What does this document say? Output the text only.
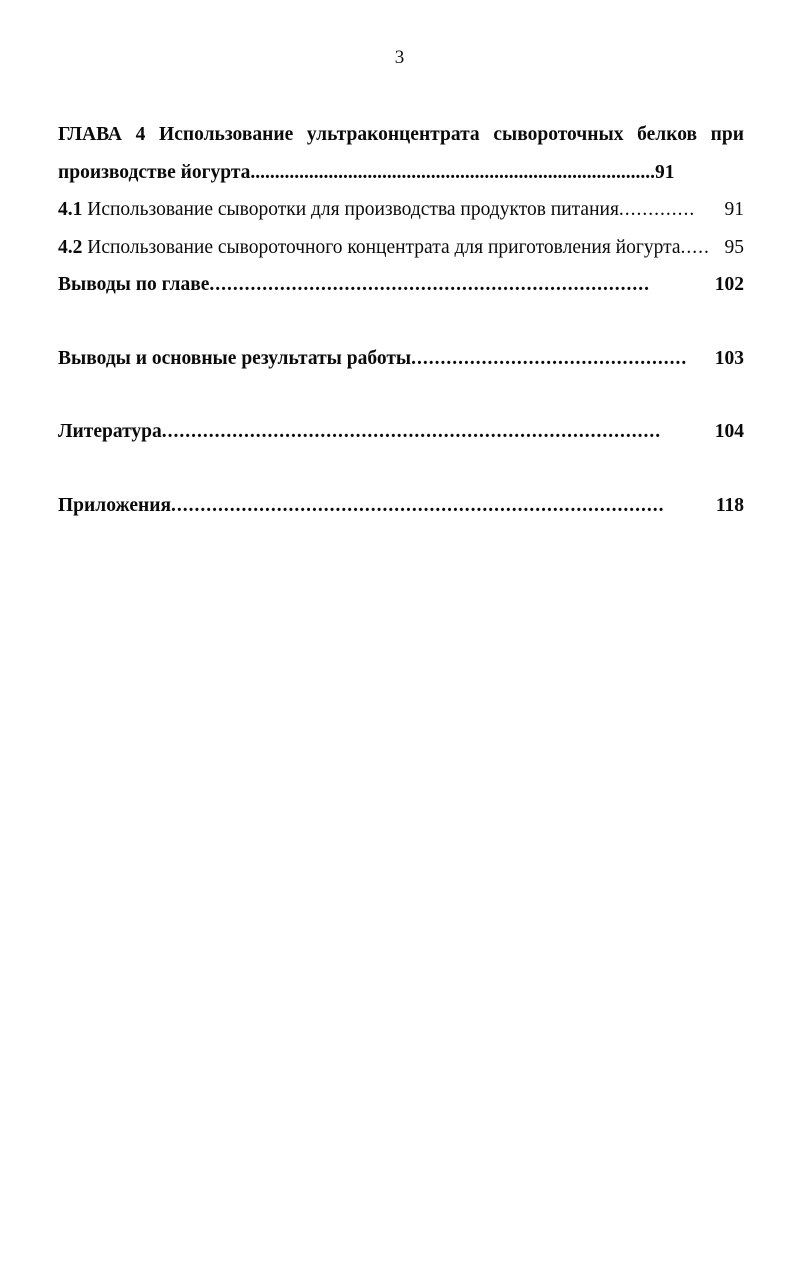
3
ГЛАВА 4 Использование ультраконцентрата сывороточных белков при
производстве йогурта .................................................................. ................. 91
4.1 Использование сыворотки для производства продуктов питания .............	91
4.2 Использование сывороточного концентрата для приготовления йогурта ..... 95
Выводы по главе ...........................................................................	102
Выводы и основные результаты работы ...............................................	103
Литература .....................................................................................	104
Приложения ....................................................................................	118
